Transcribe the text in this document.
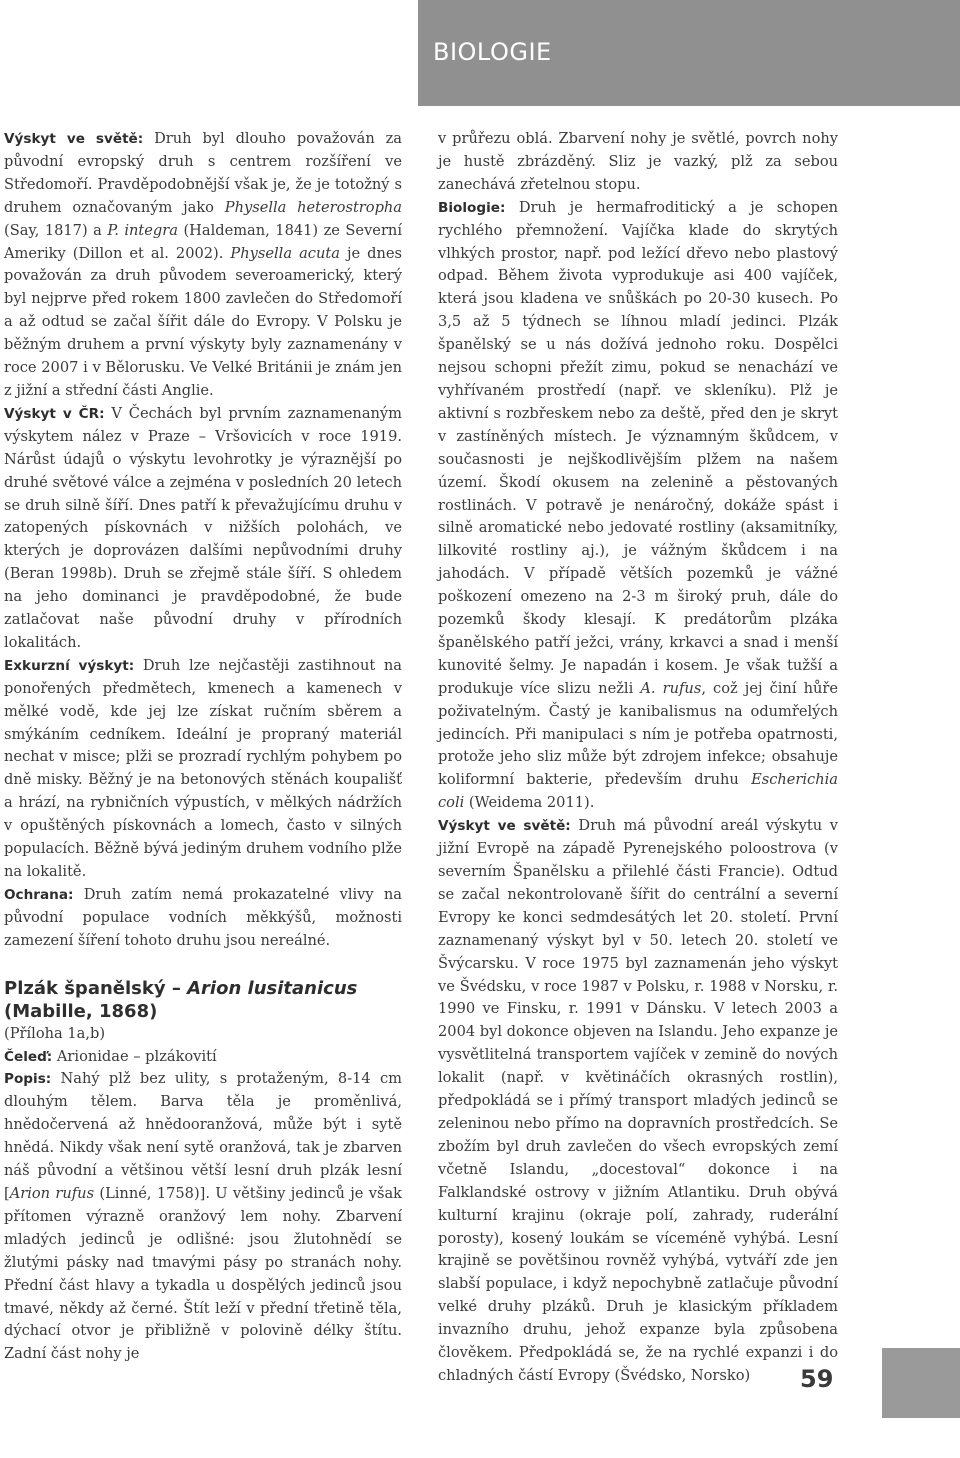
BIOLOGIE

Výskyt ve světě: Druh byl dlouho považován za původní evropský druh s centrem rozšíření ve Středomoří. Pravděpodobnější však je, že je totožný s druhem označovaným jako Physella heterostropha (Say, 1817) a P. integra (Haldeman, 1841) ze Severní Ameriky (Dillon et al. 2002). Physella acuta je dnes považován za druh původem severoamerický, který byl nejprve před rokem 1800 zavlečen do Středomoří a až odtud se začal šířit dále do Evropy. V Polsku je běžným druhem a první výskyty byly zaznamenány v roce 2007 i v Bělorusku. Ve Velké Británii je znám jen z jižní a střední části Anglie.

Výskyt v ČR: V Čechách byl prvním zaznamenaným výskytem nález v Praze – Vršovicích v roce 1919. Nárůst údajů o výskytu levohrotky je výraznější po druhé světové válce a zejména v posledních 20 letech se druh silně šíří. Dnes patří k převažujícímu druhu v zatopených pískovnách v nižších polohách, ve kterých je doprovázen dalšími nepůvodními druhy (Beran 1998b). Druh se zřejmě stále šíří. S ohledem na jeho dominanci je pravděpodobné, že bude zatlačovat naše původní druhy v přírodních lokalitách.

Exkurzní výskyt: Druh lze nejčastěji zastihnout na ponořených předmětech, kmenech a kamenech v mělké vodě, kde jej lze získat ručním sběrem a smýkáním cedníkem. Ideální je propraný materiál nechat v misce; plži se prozradí rychlým pohybem po dně misky. Běžný je na betonových stěnách koupališť a hrází, na rybničních výpustích, v mělkých nádržích v opuštěných pískovnách a lomech, často v silných populacích. Běžně bývá jediným druhem vodního plže na lokalitě.

Ochrana: Druh zatím nemá prokazatelné vlivy na původní populace vodních měkkýšů, možnosti zamezení šíření tohoto druhu jsou nereálné.

Plzák španělský – Arion lusitanicus
(Mabille, 1868)

(Příloha 1a,b)

Čeleď: Arionidae – plzákovití

Popis: Nahý plž bez ulity, s protaženým, 8-14 cm dlouhým tělem. Barva těla je proměnlivá, hnědočervená až hnědooranžová, může být i sytě hnědá. Nikdy však není sytě oranžová, tak je zbarven náš původní a většinou větší lesní druh plzák lesní [Arion rufus (Linné, 1758)]. U většiny jedinců je však přítomen výrazně oranžový lem nohy. Zbarvení mladých jedinců je odlišné: jsou žlutohnědí se žlutými pásky nad tmavými pásy po stranách nohy. Přední část hlavy a tykadla u dospělých jedinců jsou tmavé, někdy až černé. Štít leží v přední třetině těla, dýchací otvor je přibližně v polovině délky štítu. Zadní část nohy je

v průřezu oblá. Zbarvení nohy je světlé, povrch nohy je hustě zbrázděný. Sliz je vazký, plž za sebou zanechává zřetelnou stopu.

Biologie: Druh je hermafroditický a je schopen rychlého přemnožení. Vajíčka klade do skrytých vlhkých prostor, např. pod ležící dřevo nebo plastový odpad. Během života vyprodukuje asi 400 vajíček, která jsou kladena ve snůškách po 20-30 kusech. Po 3,5 až 5 týdnech se líhnou mladí jedinci. Plzák španělský se u nás dožívá jednoho roku. Dospělci nejsou schopni přežít zimu, pokud se nenachází ve vyhřívaném prostředí (např. ve skleníku). Plž je aktivní s rozbřeskem nebo za deště, před den je skryt v zastíněných místech. Je významným škůdcem, v současnosti je nejškodlivějším plžem na našem území. Škodí okusem na zelenině a pěstovaných rostlinách. V potravě je nenáročný, dokáže spást i silně aromatické nebo jedovaté rostliny (aksamitníky, lilkovité rostliny aj.), je vážným škůdcem i na jahodách. V případě větších pozemků je vážné poškození omezeno na 2-3 m široký pruh, dále do pozemků škody klesají. K predátorům plzáka španělského patří ježci, vrány, krkavci a snad i menší kunovité šelmy. Je napadán i kosem. Je však tužší a produkuje více slizu nežli A. rufus, což jej činí hůře poživatelným. Častý je kanibalismus na odumřelých jedincích. Při manipulaci s ním je potřeba opatrnosti, protože jeho sliz může být zdrojem infekce; obsahuje koliformní bakterie, především druhu Escherichia coli (Weidema 2011).

Výskyt ve světě: Druh má původní areál výskytu v jižní Evropě na západě Pyrenejského poloostrova (v severním Španělsku a přilehlé části Francie). Odtud se začal nekontrolovaně šířit do centrální a severní Evropy ke konci sedmdesátých let 20. století. První zaznamenaný výskyt byl v 50. letech 20. století ve Švýcarsku. V roce 1975 byl zaznamenán jeho výskyt ve Švédsku, v roce 1987 v Polsku, r. 1988 v Norsku, r. 1990 ve Finsku, r. 1991 v Dánsku. V letech 2003 a 2004 byl dokonce objeven na Islandu. Jeho expanze je vysvětlitelná transportem vajíček v zemině do nových lokalit (např. v květináčích okrasných rostlin), předpokládá se i přímý transport mladých jedinců se zeleninou nebo přímo na dopravních prostředcích. Se zbožím byl druh zavlečen do všech evropských zemí včetně Islandu, „docestoval“ dokonce i na Falklandské ostrovy v jižním Atlantiku. Druh obývá kulturní krajinu (okraje polí, zahrady, ruderální porosty), kosený loukám se víceméně vyhýbá. Lesní krajině se povětšinou rovněž vyhýbá, vytváří zde jen slabší populace, i když nepochybně zatlačuje původní velké druhy plzáků. Druh je klasickým příkladem invazního druhu, jehož expanze byla způsobena člověkem. Předpokládá se, že na rychlé expanzi i do chladných částí Evropy (Švédsko, Norsko)	59
